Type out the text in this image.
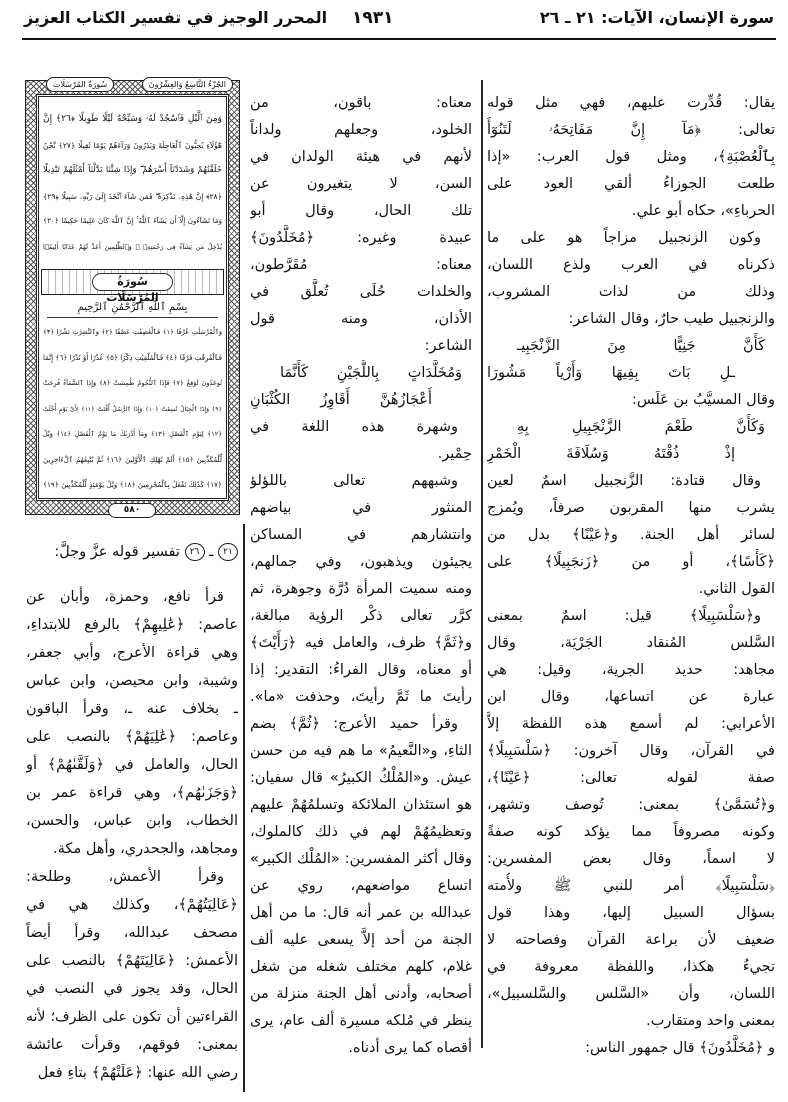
سورة الإنسان، الآيات: ٢١ ـ ٢٦
١٩٣١
المحرر الوجيز في تفسير الكتاب العزيز
يقال: قُدِّرت عليهم، فهي مثل قوله
تعالى: ﴿مَآ إِنَّ مَفَاتِحَهُۥ لَتَنُوٓأُ
بِٱلْعُصْبَةِ﴾، ومثل قول العرب: «إذا
طلعت الجوزاءُ ألقي العود على
الحرباءِ»، حكاه أبو علي.
وكون الزنجبيل مزاجاً هو على ما
ذكرناه في العرب ولذع اللسان،
وذلك من لذات المشروب،
والزنجبيل طيب حارٌ، وقال الشاعر:
كَأَنَّ جَنِيًّا مِنَ الزَّنْجَبِيـ
ـلِ بَاتَ بِفِيهَا وَأَرْياً مَشُورَا
وقال المسيَّبُ بن عَلَس:
وَكَأَنَّ طَعْمَ الزَّنْجَبِيلِ بِهِ
إذْ ذُقْتَهُ وَسُلَافَةَ الْخَمْرِ
وقال قتادة: الزَّنجبيل اسمٌ لعين
يشرب منها المقربون صرفاً، ويُمزج
لسائر أهل الجنة. و﴿عَيْنًا﴾ بدل من
﴿كَأْسًا﴾، أو من ﴿زَنجَبِيلًا﴾ على
القول الثاني.
و﴿سَلْسَبِيلًا﴾ قيل: اسمٌ بمعنى
السَّلس المُنقاد الجَرْيَة، وقال
مجاهد: حديد الجرية، وقيل: هي
عبارة عن اتساعها، وقال ابن
الأعرابي: لم أسمع هذه اللفظة إلاَّ
في القرآن، وقال آخرون: ﴿سَلْسَبِيلًا﴾
صفة لقوله تعالى: ﴿عَيْنًا﴾،
و﴿تُسَمَّىٰ﴾ بمعنى: تُوصف وتشهر،
وكونه مصروفاً مما يؤكد كونه صفةً
لا اسماً، وقال بعض المفسرين:
﴿سَلْسَبِيلًا﴾ أمر للنبي ﷺ ولأُمته
بسؤال السبيل إليها، وهذا قول
ضعيف لأن براعة القرآن وفصاحته لا
تجيءُ هكذا، واللفظة معروفة في
اللسان، وأن «السَّلس والسَّلسبيل»،
بمعنى واحد ومتقارب.
و ﴿مُخَلَّدُونَ﴾ قال جمهور الناس:
معناه: باقون، من
الخلود، وجعلهم ولداناً
لأنهم في هيئة الولدان في
السن، لا يتغيرون عن
تلك الحال، وقال أبو
عبيدة وغيره: ﴿مُخَلَّدُونَ﴾
معناه: مُقَرَّطون،
والخلدات حُلَى تُعلَّق في
الأذان، ومنه قول
الشاعر:
وَمُخَلَّدَاتٍ بِاللُّجَيْنِ كَأَنَّمَا
أَعْجَازُهُنَّ أَقَاوِزُ الكُثْبَانِ
وشهرة هذه اللغة في
حِمْير.
وشبههم تعالى باللؤلؤ
المنثور في بياضهم
وانتشارهم في المساكن
يجيئون ويذهبون، وفي جمالهم،
ومنه سميت المرأة دُرَّة وجوهرة، ثم
كرَّر تعالى ذكْر الرؤية مبالغة،
و﴿ثَمَّ﴾ ظرف، والعامل فيه ﴿رَأَيْتَ﴾
أو معناه، وقال الفراءُ: التقدير: إذا
رأيتَ ما ثَمَّ رأيتَ، وحذفت «ما».
وقرأ حميد الأعرج: ﴿ثُمَّ﴾ بضم
الثاءِ، و«النَّعيمُ» ما هم فيه من حسن
عيش. و«المُلْكُ الكبيرُ» قال سفيان:
هو استئذان الملائكة وتسلمُهُمْ عليهم
وتعظيمُهُمْ لهم في ذلك كالملوك،
وقال أكثر المفسرين: «المُلْك الكبير»
اتساع مواضعهم، روي عن
عبدالله بن عمر أنه قال: ما من أهل
الجنة من أحد إلاَّ يسعى عليه ألف
غلام، كلهم مختلف شغله من شغل
أصحابه، وأدنى أهل الجنة منزلة من
ينظر في مُلكه مسيرة ألف عام، يرى
أقصاه كما يرى أدناه.
سُورَةُ المُرْسَلَات	الجُزْءُ التَّاسِعُ وَالعِشْرُونَ
وَمِنَ ٱلَّيْلِ فَٱسْجُدْ لَهُۥ وَسَبِّحْهُ لَيْلًا طَوِيلًا ﴿٢٦﴾ إِنَّ
هَٰٓؤُلَآءِ يُحِبُّونَ ٱلْعَاجِلَةَ وَيَذَرُونَ وَرَآءَهُمْ يَوْمًا ثَقِيلًا ﴿٢٧﴾ نَّحْنُ
خَلَقْنَٰهُمْ وَشَدَدْنَآ أَسْرَهُمْ ۖ وَإِذَا شِئْنَا بَدَّلْنَآ أَمْثَٰلَهُمْ تَبْدِيلًا
﴿٢٨﴾ إِنَّ هَٰذِهِۦ تَذْكِرَةٌ ۖ فَمَن شَآءَ ٱتَّخَذَ إِلَىٰ رَبِّهِۦ سَبِيلًا ﴿٢٩﴾
وَمَا تَشَآءُونَ إِلَّآ أَن يَشَآءَ ٱللَّهُ ۚ إِنَّ ٱللَّهَ كَانَ عَلِيمًا حَكِيمًا ﴿٣٠﴾
يُدْخِلُ مَن يَشَآءُ فِى رَحْمَتِهِۦ ۚ وَٱلظَّٰلِمِينَ أَعَدَّ لَهُمْ عَذَابًا أَلِيمًۢا
سُورَةُ المُرْسَلَات
بِسْمِ ٱللَّهِ ٱلرَّحْمَٰنِ ٱلرَّحِيمِ
وَٱلْمُرْسَلَٰتِ عُرْفًا ﴿١﴾ فَٱلْعَٰصِفَٰتِ عَصْفًا ﴿٢﴾ وَٱلنَّٰشِرَٰتِ نَشْرًا ﴿٣﴾
فَٱلْفَٰرِقَٰتِ فَرْقًا ﴿٤﴾ فَٱلْمُلْقِيَٰتِ ذِكْرًا ﴿٥﴾ عُذْرًا أَوْ نُذْرًا ﴿٦﴾ إِنَّمَا
تُوعَدُونَ لَوَٰقِعٌ ﴿٧﴾ فَإِذَا ٱلنُّجُومُ طُمِسَتْ ﴿٨﴾ وَإِذَا ٱلسَّمَآءُ فُرِجَتْ
﴿٩﴾ وَإِذَا ٱلْجِبَالُ نُسِفَتْ ﴿١٠﴾ وَإِذَا ٱلرُّسُلُ أُقِّتَتْ ﴿١١﴾ لِأَىِّ يَوْمٍ أُجِّلَتْ
﴿١٢﴾ لِيَوْمِ ٱلْفَصْلِ ﴿١٣﴾ وَمَآ أَدْرَىٰكَ مَا يَوْمُ ٱلْفَصْلِ ﴿١٤﴾ وَيْلٌ
لِّلْمُكَذِّبِينَ ﴿١٥﴾ أَلَمْ نُهْلِكِ ٱلْأَوَّلِينَ ﴿١٦﴾ ثُمَّ نُتْبِعُهُمُ ٱلْءَاخِرِينَ
﴿١٧﴾ كَذَٰلِكَ نَفْعَلُ بِٱلْمُجْرِمِينَ ﴿١٨﴾ وَيْلٌ يَوْمَئِذٍ لِّلْمُكَذِّبِينَ ﴿١٩﴾
٥٨٠
٢١ ـ ٢٦ تفسير قوله عزَّ وجلَّ:
قرأ نافع، وحمزة، وأبان عن
عاصم: ﴿عَٰلِيهِمْ﴾ بالرفع للابتداءِ،
وهي قراءة الأعرج، وأبي جعفر،
وشيبة، وابن محيصن، وابن عباس
ـ بخلاف عنه ـ، وقرأ الباقون
وعاصم: ﴿عَٰلِيَهُمْ﴾ بالنصب على
الحال، والعامل في ﴿وَلَقَّىٰهُمْ﴾ أو
﴿وَجَزَىٰهُم﴾، وهي قراءة عمر بن
الخطاب، وابن عباس، والحسن،
ومجاهد، والجحدري، وأهل مكة.
وقرأ الأعمش، وطلحة:
﴿عَالِيَتُهُمْ﴾، وكذلك هي في
مصحف عبدالله، وقرأ أيضاً
الأعمش: ﴿عَالِيَتَهُمْ﴾ بالنصب على
الحال، وقد يجوز في النصب في
القراءتين أن تكون على الظرف؛ لأنه
بمعنى: فوقهم، وقرأت عائشة
رضي الله عنها: ﴿عَلَتْهُمْ﴾ بتاءِ فعل
